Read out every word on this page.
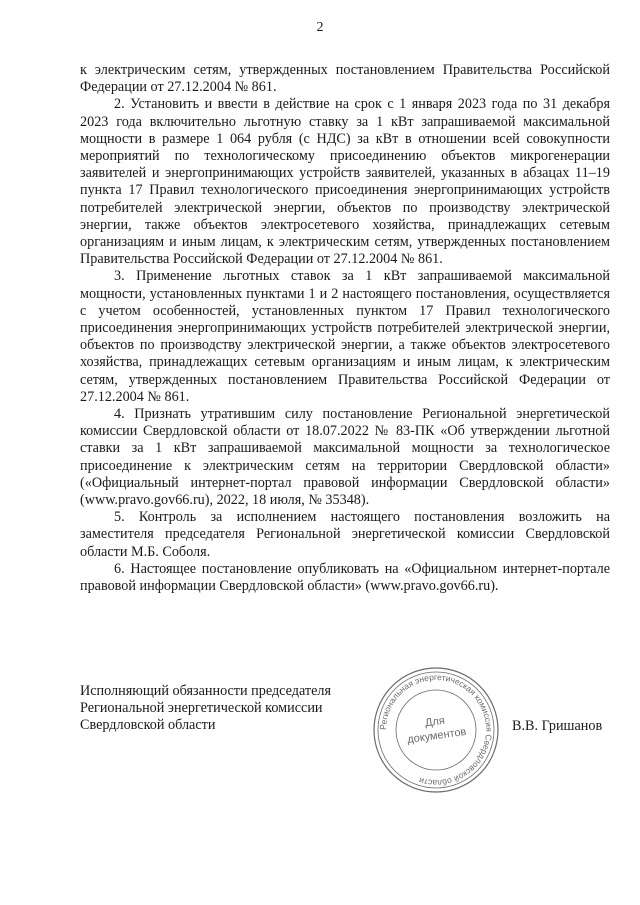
2

к электрическим сетям, утвержденных постановлением Правительства Российской Федерации от 27.12.2004 № 861.

2. Установить и ввести в действие на срок с 1 января 2023 года по 31 декабря 2023 года включительно льготную ставку за 1 кВт запрашиваемой максимальной мощности в размере 1 064 рубля (с НДС) за кВт в отношении всей совокупности мероприятий по технологическому присоединению объектов микрогенерации заявителей и энергопринимающих устройств заявителей, указанных в абзацах 11–19 пункта 17 Правил технологического присоединения энергопринимающих устройств потребителей электрической энергии, объектов по производству электрической энергии, также объектов электросетевого хозяйства, принадлежащих сетевым организациям и иным лицам, к электрическим сетям, утвержденных постановлением Правительства Российской Федерации от 27.12.2004 № 861.

3. Применение льготных ставок за 1 кВт запрашиваемой максимальной мощности, установленных пунктами 1 и 2 настоящего постановления, осуществляется с учетом особенностей, установленных пунктом 17 Правил технологического присоединения энергопринимающих устройств потребителей электрической энергии, объектов по производству электрической энергии, а также объектов электросетевого хозяйства, принадлежащих сетевым организациям и иным лицам, к электрическим сетям, утвержденных постановлением Правительства Российской Федерации от 27.12.2004 № 861.

4. Признать утратившим силу постановление Региональной энергетической комиссии Свердловской области от 18.07.2022 № 83-ПК «Об утверждении льготной ставки за 1 кВт запрашиваемой максимальной мощности за технологическое присоединение к электрическим сетям на территории Свердловской области» («Официальный интернет-портал правовой информации Свердловской области» (www.pravo.gov66.ru), 2022, 18 июля, № 35348).

5. Контроль за исполнением настоящего постановления возложить на заместителя председателя Региональной энергетической комиссии Свердловской области М.Б. Соболя.

6. Настоящее постановление опубликовать на «Официальном интернет-портале правовой информации Свердловской области» (www.pravo.gov66.ru).

Исполняющий обязанности председателя
Региональной энергетической комиссии
Свердловской области	В.В. Гришанов
Региональная энергетическая комиссия Свердловской области
Для
документов
